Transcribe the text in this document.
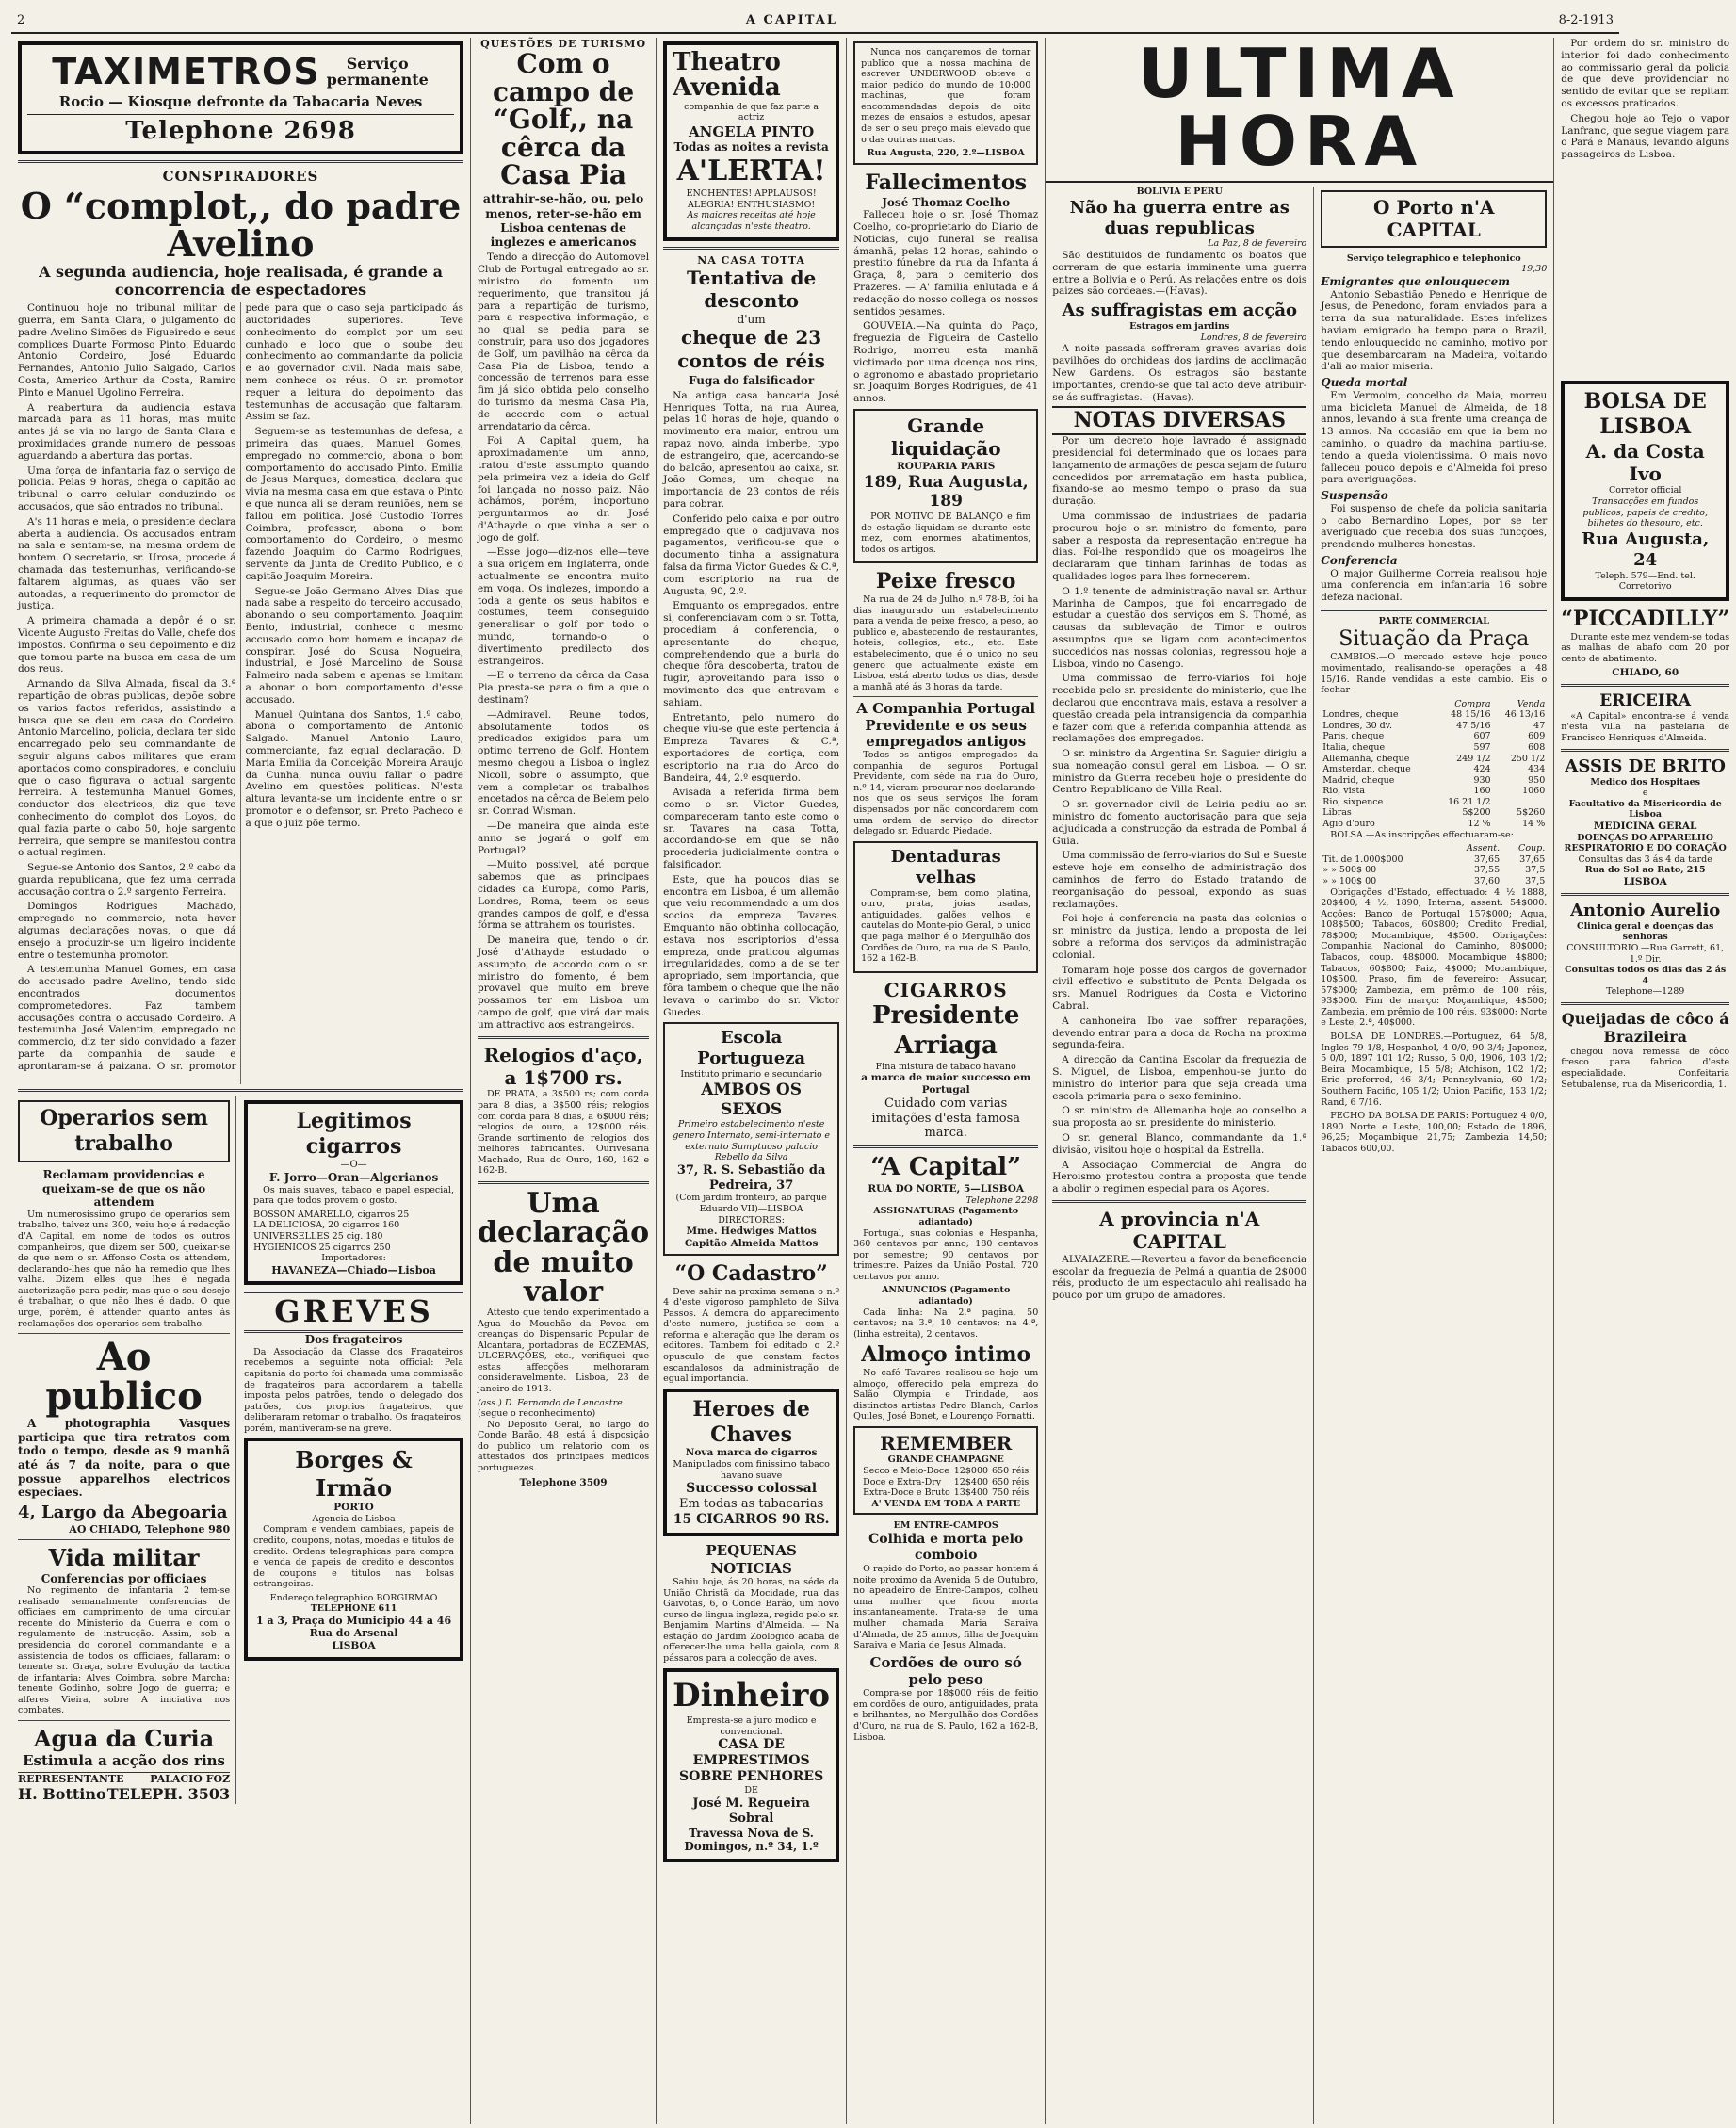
2	A CAPITAL	8-2-1913
TAXIMETROS	Serviço permanente
Rocio — Kiosque defronte da Tabacaria Neves
Telephone 2698
CONSPIRADORES
O “complot,, do padre Avelino
A segunda audiencia, hoje realisada, é grande a concorrencia de espectadores

Continuou hoje no tribunal militar de guerra, em Santa Clara, o julgamento do padre Avelino Simões de Figueiredo e seus complices Duarte Formoso Pinto, Eduardo Antonio Cordeiro, José Eduardo Fernandes, Antonio Julio Salgado, Carlos Costa, Americo Arthur da Costa, Ramiro Pinto e Manuel Ugolino Ferreira.

A reabertura da audiencia estava marcada para as 11 horas, mas muito antes já se via no largo de Santa Clara e proximidades grande numero de pessoas aguardando a abertura das portas.

Uma força de infantaria faz o serviço de policia. Pelas 9 horas, chega o capitão ao tribunal o carro celular conduzindo os accusados, que são entrados no tribunal.

A's 11 horas e meia, o presidente declara aberta a audiencia. Os accusados entram na sala e sentam-se, na mesma ordem de hontem. O secretario, sr. Urosa, procede á chamada das testemunhas, verificando-se faltarem algumas, as quaes vão ser autoadas, a requerimento do promotor de justiça.

A primeira chamada a depôr é o sr. Vicente Augusto Freitas do Valle, chefe dos impostos. Confirma o seu depoimento e diz que tomou parte na busca em casa de um dos reus.

Armando da Silva Almada, fiscal da 3.ª repartição de obras publicas, depõe sobre os varios factos referidos, assistindo a busca que se deu em casa do Cordeiro. Antonio Marcelino, policia, declara ter sido encarregado pelo seu commandante de seguir alguns cabos militares que eram apontados como conspiradores, e concluiu que o caso figurava o actual sargento Ferreira. A testemunha Manuel Gomes, conductor dos electricos, diz que teve conhecimento do complot dos Loyos, do qual fazia parte o cabo 50, hoje sargento Ferreira, que sempre se manifestou contra o actual regimen.

Segue-se Antonio dos Santos, 2.º cabo da guarda republicana, que fez uma cerrada accusação contra o 2.º sargento Ferreira.

Domingos Rodrigues Machado, empregado no commercio, nota haver algumas declarações novas, o que dá ensejo a produzir-se um ligeiro incidente entre o testemunha promotor.

A testemunha Manuel Gomes, em casa do accusado padre Avelino, tendo sido encontrados documentos comprometedores. Faz tambem accusações contra o accusado Cordeiro. A testemunha José Valentim, empregado no commercio, diz ter sido convidado a fazer parte da companhia de saude e aprontaram-se á paizana. O sr. promotor pede para que o caso seja participado ás auctoridades superiores. Teve conhecimento do complot por um seu cunhado e logo que o soube deu conhecimento ao commandante da policia e ao governador civil. Nada mais sabe, nem conhece os réus. O sr. promotor requer a leitura do depoimento das testemunhas de accusação que faltaram. Assim se faz.

Seguem-se as testemunhas de defesa, a primeira das quaes, Manuel Gomes, empregado no commercio, abona o bom comportamento do accusado Pinto. Emilia de Jesus Marques, domestica, declara que vivia na mesma casa em que estava o Pinto e que nunca ali se deram reuniões, nem se fallou em politica. José Custodio Torres Coimbra, professor, abona o bom comportamento do Cordeiro, o mesmo fazendo Joaquim do Carmo Rodrigues, servente da Junta de Credito Publico, e o capitão Joaquim Moreira.

Segue-se João Germano Alves Dias que nada sabe a respeito do terceiro accusado, abonando o seu comportamento. Joaquim Bento, industrial, conhece o mesmo accusado como bom homem e incapaz de conspirar. José do Sousa Nogueira, industrial, e José Marcelino de Sousa Palmeiro nada sabem e apenas se limitam a abonar o bom comportamento d'esse accusado.

Manuel Quintana dos Santos, 1.º cabo, abona o comportamento de Antonio Salgado. Manuel Antonio Lauro, commerciante, faz egual declaração. D. Maria Emilia da Conceição Moreira Araujo da Cunha, nunca ouviu fallar o padre Avelino em questões politicas. N'esta altura levanta-se um incidente entre o sr. promotor e o defensor, sr. Preto Pacheco e a que o juiz põe termo.

Operarios sem trabalho
Reclamam providencias e queixam-se de que os não attendem

Um numerosissimo grupo de operarios sem trabalho, talvez uns 300, veiu hoje á redacção d'A Capital, em nome de todos os outros companheiros, que dizem ser 500, queixar-se de que nem o sr. Affonso Costa os attendem, declarando-lhes que não ha remedio que lhes valha. Dizem elles que lhes é negada auctorização para pedir, mas que o seu desejo é trabalhar, o que não lhes é dado. O que urge, porém, é attender quanto antes ás reclamações dos operarios sem trabalho.

Ao publico

A photographia Vasques participa que tira retratos com todo o tempo, desde as 9 manhã até ás 7 da noite, para o que possue apparelhos electricos especiaes.

4, Largo da Abegoaria
AO CHIADO, Telephone 980
Vida militar
Conferencias por officiaes

No regimento de infantaria 2 tem-se realisado semanalmente conferencias de officiaes em cumprimento de uma circular recente do Ministerio da Guerra e com o regulamento de instrucção. Assim, sob a presidencia do coronel commandante e a assistencia de todos os officiaes, fallaram: o tenente sr. Graça, sobre Evolução da tactica de infantaria; Alves Coimbra, sobre Marcha; tenente Godinho, sobre Jogo de guerra; e alferes Vieira, sobre A iniciativa nos combates.

Agua da Curia
Estimula a acção dos rins
REPRESENTANTE	PALACIO FOZ
H. Bottino TELEPH. 3503
Legitimos cigarros
—O—
F. Jorro—Oran—Algerianos

Os mais suaves, tabaco e papel especial, para que todos provem o gosto.

BOSSON AMARELLO, cigarros 25
LA DELICIOSA, 20 cigarros 160
UNIVERSELLES 25 cig. 180
HYGIENICOS 25 cigarros 250
Importadores:
HAVANEZA—Chiado—Lisboa
GREVES
Dos fragateiros

Da Associação da Classe dos Fragateiros recebemos a seguinte nota official: Pela capitania do porto foi chamada uma commissão de fragateiros para accordarem a tabella imposta pelos patrões, tendo o delegado dos patrões, dos proprios fragateiros, que deliberaram retomar o trabalho. Os fragateiros, porém, mantiveram-se na greve.

Borges & Irmão
PORTO
Agencia de Lisboa

Compram e vendem cambiaes, papeis de credito, coupons, notas, moedas e titulos de credito. Ordens telegraphicas para compra e venda de papeis de credito e descontos de coupons e titulos nas bolsas estrangeiras.

Endereço telegraphico BORGIRMAO
TELEPHONE 611
1 a 3, Praça do Municipio 44 a 46 Rua do Arsenal
LISBOA
QUESTÕES DE TURISMO
Com o campo de “Golf,, na cêrca da Casa Pia
attrahir-se-hão, ou, pelo menos, reter-se-hão em Lisboa centenas de inglezes e americanos

Tendo a direcção do Automovel Club de Portugal entregado ao sr. ministro do fomento um requerimento, que transitou já para a repartição de turismo, para a respectiva informação, e no qual se pedia para se construir, para uso dos jogadores de Golf, um pavilhão na cêrca da Casa Pia de Lisboa, tendo a concessão de terrenos para esse fim já sido obtida pelo conselho do turismo da mesma Casa Pia, de accordo com o actual arrendatario da cêrca.

Foi A Capital quem, ha aproximadamente um anno, tratou d'este assumpto quando pela primeira vez a ideia do Golf foi lançada no nosso paiz. Não achámos, porém, inoportuno perguntarmos ao dr. José d'Athayde o que vinha a ser o jogo de golf.

—Esse jogo—diz-nos elle—teve a sua origem em Inglaterra, onde actualmente se encontra muito em voga. Os inglezes, impondo a toda a gente os seus habitos e costumes, teem conseguido generalisar o golf por todo o mundo, tornando-o o divertimento predilecto dos estrangeiros.

—E o terreno da cêrca da Casa Pia presta-se para o fim a que o destinam?

—Admiravel. Reune todos, absolutamente todos os predicados exigidos para um optimo terreno de Golf. Hontem mesmo chegou a Lisboa o inglez Nicoll, sobre o assumpto, que vem a completar os trabalhos encetados na cêrca de Belem pelo sr. Conrad Wisman.

—De maneira que ainda este anno se jogará o golf em Portugal?

—Muito possivel, até porque sabemos que as principaes cidades da Europa, como Paris, Londres, Roma, teem os seus grandes campos de golf, e d'essa fórma se attrahem os touristes.

De maneira que, tendo o dr. José d'Athayde estudado o assumpto, de accordo com o sr. ministro do fomento, é bem provavel que muito em breve possamos ter em Lisboa um campo de golf, que virá dar mais um attractivo aos estrangeiros.

Relogios d'aço, a 1$700 rs.

DE PRATA, a 3$500 rs; com corda para 8 dias, a 3$500 réis; relogios com corda para 8 dias, a 6$000 réis; relogios de ouro, a 12$000 réis. Grande sortimento de relogios dos melhores fabricantes. Ourivesaria Machado, Rua do Ouro, 160, 162 e 162-B.

Uma declaração de muito valor

Attesto que tendo experimentado a Agua do Mouchão da Povoa em creanças do Dispensario Popular de Alcantara, portadoras de ECZEMAS, ULCERAÇÕES, etc., verifiquei que estas affecções melhoraram consideravelmente. Lisboa, 23 de janeiro de 1913.

(ass.) D. Fernando de Lencastre
(segue o reconhecimento)

No Deposito Geral, no largo do Conde Barão, 48, está á disposição do publico um relatorio com os attestados dos principaes medicos portuguezes.

Telephone 3509
Theatro Avenida
companhia de que faz parte a actriz
ANGELA PINTO
Todas as noites a revista
A'LERTA!
ENCHENTES! APPLAUSOS! ALEGRIA! ENTHUSIASMO!
As maiores receitas até hoje alcançadas n'este theatro.
NA CASA TOTTA
Tentativa de desconto
d'um
cheque de 23 contos de réis
Fuga do falsificador

Na antiga casa bancaria José Henriques Totta, na rua Aurea, pelas 10 horas de hoje, quando o movimento era maior, entrou um rapaz novo, ainda imberbe, typo de estrangeiro, que, acercando-se do balcão, apresentou ao caixa, sr. João Gomes, um cheque na importancia de 23 contos de réis para cobrar.

Conferido pelo caixa e por outro empregado que o cadjuvava nos pagamentos, verificou-se que o documento tinha a assignatura falsa da firma Victor Guedes & C.ª, com escriptorio na rua de Augusta, 90, 2.º.

Emquanto os empregados, entre si, conferenciavam com o sr. Totta, procediam á conferencia, o apresentante do cheque, comprehendendo que a burla do cheque fôra descoberta, tratou de fugir, aproveitando para isso o movimento dos que entravam e sahiam.

Entretanto, pelo numero do cheque viu-se que este pertencia á Empreza Tavares & C.ª, exportadores de cortiça, com escriptorio na rua do Arco do Bandeira, 44, 2.º esquerdo.

Avisada a referida firma bem como o sr. Victor Guedes, compareceram tanto este como o sr. Tavares na casa Totta, accordando-se em que se não procederia judicialmente contra o falsificador.

Este, que ha poucos dias se encontra em Lisboa, é um allemão que veiu recommendado a um dos socios da empreza Tavares. Emquanto não obtinha collocação, estava nos escriptorios d'essa empreza, onde praticou algumas irregularidades, como a de se ter apropriado, sem importancia, que fôra tambem o cheque que lhe não levava o carimbo do sr. Victor Guedes.

Escola Portugueza
Instituto primario e secundario
AMBOS OS SEXOS
Primeiro estabelecimento n'este genero Internato, semi-internato e externato Sumptuoso palacio Rebello da Silva
37, R. S. Sebastião da Pedreira, 37
(Com jardim fronteiro, ao parque Eduardo VII)—LISBOA
DIRECTORES:
Mme. Hedwiges Mattos
Capitão Almeida Mattos
“O Cadastro”

Deve sahir na proxima semana o n.º 4 d'este vigoroso pamphleto de Silva Passos. A demora do apparecimento d'este numero, justifica-se com a reforma e alteração que lhe deram os editores. Tambem foi editado o 2.º opusculo de que constam factos escandalosos da administração de egual importancia.

Heroes de Chaves
Nova marca de cigarros
Manipulados com finissimo tabaco havano suave
Successo colossal
Em todas as tabacarias
15 CIGARROS 90 RS.
PEQUENAS NOTICIAS

Sahiu hoje, ás 20 horas, na séde da União Christã da Mocidade, rua das Gaivotas, 6, o Conde Barão, um novo curso de lingua ingleza, regido pelo sr. Benjamim Martins d'Almeida. — Na estação do Jardim Zoologico acaba de offerecer-lhe uma bella gaiola, com 8 pássaros para a colecção de aves.

Dinheiro
Empresta-se a juro modico e convencional.
CASA DE EMPRESTIMOS SOBRE PENHORES
DE
José M. Regueira Sobral
Travessa Nova de S. Domingos, n.º 34, 1.º

Nunca nos cançaremos de tornar publico que a nossa machina de escrever UNDERWOOD obteve o maior pedido do mundo de 10:000 machinas, que foram encommendadas depois de oito mezes de ensaios e estudos, apesar de ser o seu preço mais elevado que o das outras marcas.

Rua Augusta, 220, 2.º—LISBOA
Fallecimentos
José Thomaz Coelho

Falleceu hoje o sr. José Thomaz Coelho, co-proprietario do Diario de Noticias, cujo funeral se realisa ámanhã, pelas 12 horas, sahindo o prestito fúnebre da rua da Infanta á Graça, 8, para o cemiterio dos Prazeres. — A' familia enlutada e á redacção do nosso collega os nossos sentidos pesames.

GOUVEIA.—Na quinta do Paço, freguezia de Figueira de Castello Rodrigo, morreu esta manhã victimado por uma doença nos rins, o agronomo e abastado proprietario sr. Joaquim Borges Rodrigues, de 41 annos.

Grande liquidação
ROUPARIA PARIS
189, Rua Augusta, 189

POR MOTIVO DE BALANÇO e fim de estação liquidam-se durante este mez, com enormes abatimentos, todos os artigos.

Peixe fresco

Na rua de 24 de Julho, n.º 78-B, foi ha dias inaugurado um estabelecimento para a venda de peixe fresco, a peso, ao publico e, abastecendo de restaurantes, hoteis, collegios, etc., etc. Este estabelecimento, que é o unico no seu genero que actualmente existe em Lisboa, está aberto todos os dias, desde a manhã até ás 3 horas da tarde.

A Companhia Portugal Previdente e os seus empregados antigos

Todos os antigos empregados da companhia de seguros Portugal Previdente, com séde na rua do Ouro, n.º 14, vieram procurar-nos declarando-nos que os seus serviços lhe foram dispensados por não concordarem com uma ordem de serviço do director delegado sr. Eduardo Piedade.

Dentaduras velhas

Compram-se, bem como platina, ouro, prata, joias usadas, antiguidades, galões velhos e cautelas do Monte-pio Geral, o unico que paga melhor é o Mergulhão dos Cordões de Ouro, na rua de S. Paulo, 162 a 162-B.

CIGARROS
Presidente Arriaga
Fina mistura de tabaco havano
a marca de maior successo em Portugal
Cuidado com varias imitações d'esta famosa marca.
“A Capital”
RUA DO NORTE, 5—LISBOA
Telephone 2298
ASSIGNATURAS (Pagamento adiantado)

Portugal, suas colonias e Hespanha, 360 centavos por anno; 180 centavos por semestre; 90 centavos por trimestre. Paizes da União Postal, 720 centavos por anno.

ANNUNCIOS (Pagamento adiantado)

Cada linha: Na 2.ª pagina, 50 centavos; na 3.ª, 10 centavos; na 4.ª, (linha estreita), 2 centavos.

Almoço intimo

No café Tavares realisou-se hoje um almoço, offerecido pela empreza do Salão Olympia e Trindade, aos distinctos artistas Pedro Blanch, Carlos Quiles, José Bonet, e Lourenço Fornatti.

REMEMBER
GRANDE CHAMPAGNE
Secco e Meio-Doce	12$000	650 réis
Doce e Extra-Dry	12$400	650 réis
Extra-Doce e Bruto	13$400	750 réis
A' VENDA EM TODA A PARTE
EM ENTRE-CAMPOS
Colhida e morta pelo comboio

O rapido do Porto, ao passar hontem á noite proximo da Avenida 5 de Outubro, no apeadeiro de Entre-Campos, colheu uma mulher que ficou morta instantaneamente. Trata-se de uma mulher chamada Maria Saraiva d'Almada, de 25 annos, filha de Joaquim Saraiva e Maria de Jesus Almada.

Cordões de ouro só pelo peso

Compra-se por 18$000 réis de feitio em cordões de ouro, antiguidades, prata e brilhantes, no Mergulhão dos Cordões d'Ouro, na rua de S. Paulo, 162 a 162-B, Lisboa.

ULTIMA HORA
BOLIVIA E PERU
Não ha guerra entre as duas republicas
La Paz, 8 de fevereiro

São destituidos de fundamento os boatos que correram de que estaria imminente uma guerra entre a Bolivia e o Perú. As relações entre os dois paizes são cordeaes.—(Havas).

As suffragistas em acção
Estragos em jardins
Londres, 8 de fevereiro

A noite passada soffreram graves avarias dois pavilhões do orchideas dos jardins de acclimação New Gardens. Os estragos são bastante importantes, crendo-se que tal acto deve atribuir-se ás suffragistas.—(Havas).

NOTAS DIVERSAS

Por um decreto hoje lavrado é assignado presidencial foi determinado que os locaes para lançamento de armações de pesca sejam de futuro concedidos por arrematação em hasta publica, fixando-se ao mesmo tempo o praso da sua duração.

Uma commissão de industriaes de padaria procurou hoje o sr. ministro do fomento, para saber a resposta da representação entregue ha dias. Foi-lhe respondido que os moageiros lhe declararam que tinham farinhas de todas as qualidades logos para lhes fornecerem.

O 1.º tenente de administração naval sr. Arthur Marinha de Campos, que foi encarregado de estudar a questão dos serviços em S. Thomé, as causas da sublevação de Timor e outros assumptos que se ligam com acontecimentos succedidos nas nossas colonias, regressou hoje a Lisboa, vindo no Casengo.

Uma commissão de ferro-viarios foi hoje recebida pelo sr. presidente do ministerio, que lhe declarou que encontrava mais, estava a resolver a questão creada pela intransigencia da companhia e fazer com que a referida companhia attenda as reclamações dos empregados.

O sr. ministro da Argentina Sr. Saguier dirigiu a sua nomeação consul geral em Lisboa. — O sr. ministro da Guerra recebeu hoje o presidente do Centro Republicano de Villa Real.

O sr. governador civil de Leiria pediu ao sr. ministro do fomento auctorisação para que seja adjudicada a construcção da estrada de Pombal á Guia.

Uma commissão de ferro-viarios do Sul e Sueste esteve hoje em conselho de administração dos caminhos de ferro do Estado tratando de reorganisação do pessoal, expondo as suas reclamações.

Foi hoje á conferencia na pasta das colonias o sr. ministro da justiça, lendo a proposta de lei sobre a reforma dos serviços da administração colonial.

Tomaram hoje posse dos cargos de governador civil effectivo e substituto de Ponta Delgada os srs. Manuel Rodrigues da Costa e Victorino Cabral.

A canhoneira Ibo vae soffrer reparações, devendo entrar para a doca da Rocha na proxima segunda-feira.

A direcção da Cantina Escolar da freguezia de S. Miguel, de Lisboa, empenhou-se junto do ministro do interior para que seja creada uma escola primaria para o sexo feminino.

O sr. ministro de Allemanha hoje ao conselho a sua proposta ao sr. presidente do ministerio.

O sr. general Blanco, commandante da 1.ª divisão, visitou hoje o hospital da Estrella.

A Associação Commercial de Angra do Heroismo protestou contra a proposta que tende a abolir o regimen especial para os Açores.

A provincia n'A CAPITAL

ALVAIAZERE.—Reverteu a favor da beneficencia escolar da freguezia de Pelmá a quantia de 2$000 réis, producto de um espectaculo ahi realisado ha pouco por um grupo de amadores.

O Porto n'A CAPITAL
Serviço telegraphico e telephonico
19,30
Emigrantes que enlouquecem

Antonio Sebastião Penedo e Henrique de Jesus, de Penedono, foram enviados para a terra da sua naturalidade. Estes infelizes haviam emigrado ha tempo para o Brazil, tendo enlouquecido no caminho, motivo por que desembarcaram na Madeira, voltando d'ali ao maior miseria.

Queda mortal

Em Vermoim, concelho da Maia, morreu uma bicicleta Manuel de Almeida, de 18 annos, levando á sua frente uma creança de 13 annos. Na occasião em que ia bem no caminho, o quadro da machina partiu-se, tendo a queda violentissima. O mais novo falleceu pouco depois e d'Almeida foi preso para averiguações.

Suspensão

Foi suspenso de chefe da policia sanitaria o cabo Bernardino Lopes, por se ter averiguado que recebia dos suas funcções, prendendo mulheres honestas.

Conferencia

O major Guilherme Correia realisou hoje uma conferencia em infantaria 16 sobre defeza nacional.

PARTE COMMERCIAL
Situação da Praça

CAMBIOS.—O mercado esteve hoje pouco movimentado, realisando-se operações a 48 15/16. Rande vendidas a este cambio. Eis o fechar

	Compra	Venda
Londres, cheque	48 15/16	46 13/16
Londres, 30 dv.	47 5/16	47
Paris, cheque	607	609
Italia, cheque	597	608
Allemanha, cheque	249 1/2	250 1/2
Amsterdan, cheque	424	434
Madrid, cheque	930	950
Rio, vista	160	1060
Rio, sixpence	16 21 1/2	
Libras	5$200	5$260
Agio d'ouro	12 %	14 %

BOLSA.—As inscripções effectuaram-se:

	Assent.	Coup.
Tit. de 1.000$000	37,65	37,65
» » 500$ 00	37,55	37,5
» » 100$ 00	37,60	37,5

Obrigações d'Estado, effectuado: 4 ½ 1888, 20$400; 4 ½, 1890, Interna, assent. 54$000. Acções: Banco de Portugal 157$000; Agua, 108$500; Tabacos, 60$800; Credito Predial, 78$000; Mocambique, 4$500. Obrigações: Companhia Nacional do Caminho, 80$000; Tabacos, coup. 48$000. Mocambique 4$800; Tabacos, 60$800; Paiz, 4$000; Mocambique, 10$500. Praso, fim de fevereiro: Assucar, 57$000; Zambezia, em prêmio de 100 réis, 93$000. Fim de março: Moçambique, 4$500; Zambezia, em prêmio de 100 réis, 93$000; Norte e Leste, 2.ª, 40$000.

BOLSA DE LONDRES.—Portuguez, 64 5/8, Ingles 79 1/8, Hespanhol, 4 0/0, 90 3/4; Japonez, 5 0/0, 1897 101 1/2; Russo, 5 0/0, 1906, 103 1/2; Beira Mocambique, 15 5/8; Atchison, 102 1/2; Erie preferred, 46 3/4; Pennsylvania, 60 1/2; Southern Pacific, 105 1/2; Union Pacific, 153 1/2; Rand, 6 7/16.

FECHO DA BOLSA DE PARIS: Portuguez 4 0/0, 1890 Norte e Leste, 100,00; Estado de 1896, 96,25; Moçambique 21,75; Zambezia 14,50; Tabacos 600,00.

Por ordem do sr. ministro do interior foi dado conhecimento ao commissario geral da policia de que deve providenciar no sentido de evitar que se repitam os excessos praticados.

Chegou hoje ao Tejo o vapor Lanfranc, que segue viagem para o Pará e Manaus, levando alguns passageiros de Lisboa.

BOLSA DE LISBOA
A. da Costa Ivo
Corretor official
Transacções em fundos publicos, papeis de credito, bilhetes do thesouro, etc.
Rua Augusta, 24
Teleph. 579—End. tel. Corretorivo
“PICCADILLY”

Durante este mez vendem-se todas as malhas de abafo com 20 por cento de abatimento.

CHIADO, 60
ERICEIRA

«A Capital» encontra-se á venda n'esta villa na pastelaria de Francisco Henriques d'Almeida.

ASSIS DE BRITO
Medico dos Hospitaes
e
Facultativo da Misericordia de Lisboa
MEDICINA GERAL
DOENÇAS DO APPARELHO RESPIRATORIO E DO CORAÇÃO
Consultas das 3 ás 4 da tarde
Rua do Sol ao Rato, 215
LISBOA
Antonio Aurelio
Clinica geral e doenças das senhoras
CONSULTORIO.—Rua Garrett, 61, 1.º Dir.
Consultas todos os dias das 2 ás 4
Telephone—1289
Queijadas de côco á Brazileira

chegou nova remessa de côco fresco para fabrico d'este especialidade. Confeitaria Setubalense, rua da Misericordia, 1.
